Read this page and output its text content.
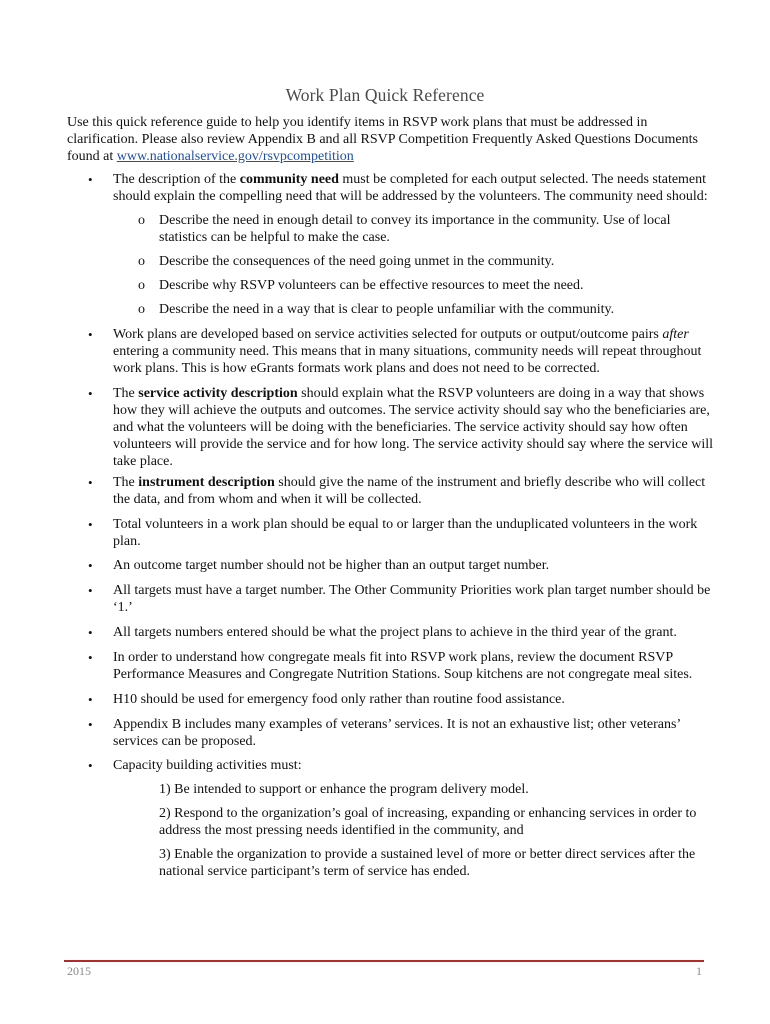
Work Plan Quick Reference
Use this quick reference guide to help you identify items in RSVP work plans that must be addressed in clarification. Please also review Appendix B and all RSVP Competition Frequently Asked Questions Documents found at www.nationalservice.gov/rsvpcompetition
• The description of the community need must be completed for each output selected. The needs statement should explain the compelling need that will be addressed by the volunteers. The community need should:
o Describe the need in enough detail to convey its importance in the community. Use of local statistics can be helpful to make the case.
o Describe the consequences of the need going unmet in the community.
o Describe why RSVP volunteers can be effective resources to meet the need.
o Describe the need in a way that is clear to people unfamiliar with the community.
• Work plans are developed based on service activities selected for outputs or output/outcome pairs after entering a community need. This means that in many situations, community needs will repeat throughout work plans. This is how eGrants formats work plans and does not need to be corrected.
• The service activity description should explain what the RSVP volunteers are doing in a way that shows how they will achieve the outputs and outcomes. The service activity should say who the beneficiaries are, and what the volunteers will be doing with the beneficiaries. The service activity should say how often volunteers will provide the service and for how long. The service activity should say where the service will take place.
• The instrument description should give the name of the instrument and briefly describe who will collect the data, and from whom and when it will be collected.
• Total volunteers in a work plan should be equal to or larger than the unduplicated volunteers in the work plan.
• An outcome target number should not be higher than an output target number.
• All targets must have a target number. The Other Community Priorities work plan target number should be ‘1.’
• All targets numbers entered should be what the project plans to achieve in the third year of the grant.
• In order to understand how congregate meals fit into RSVP work plans, review the document RSVP Performance Measures and Congregate Nutrition Stations. Soup kitchens are not congregate meal sites.
• H10 should be used for emergency food only rather than routine food assistance.
• Appendix B includes many examples of veterans’ services. It is not an exhaustive list; other veterans’ services can be proposed.
• Capacity building activities must:
1) Be intended to support or enhance the program delivery model.
2) Respond to the organization’s goal of increasing, expanding or enhancing services in order to address the most pressing needs identified in the community, and
3) Enable the organization to provide a sustained level of more or better direct services after the national service participant’s term of service has ended.
2015	1
